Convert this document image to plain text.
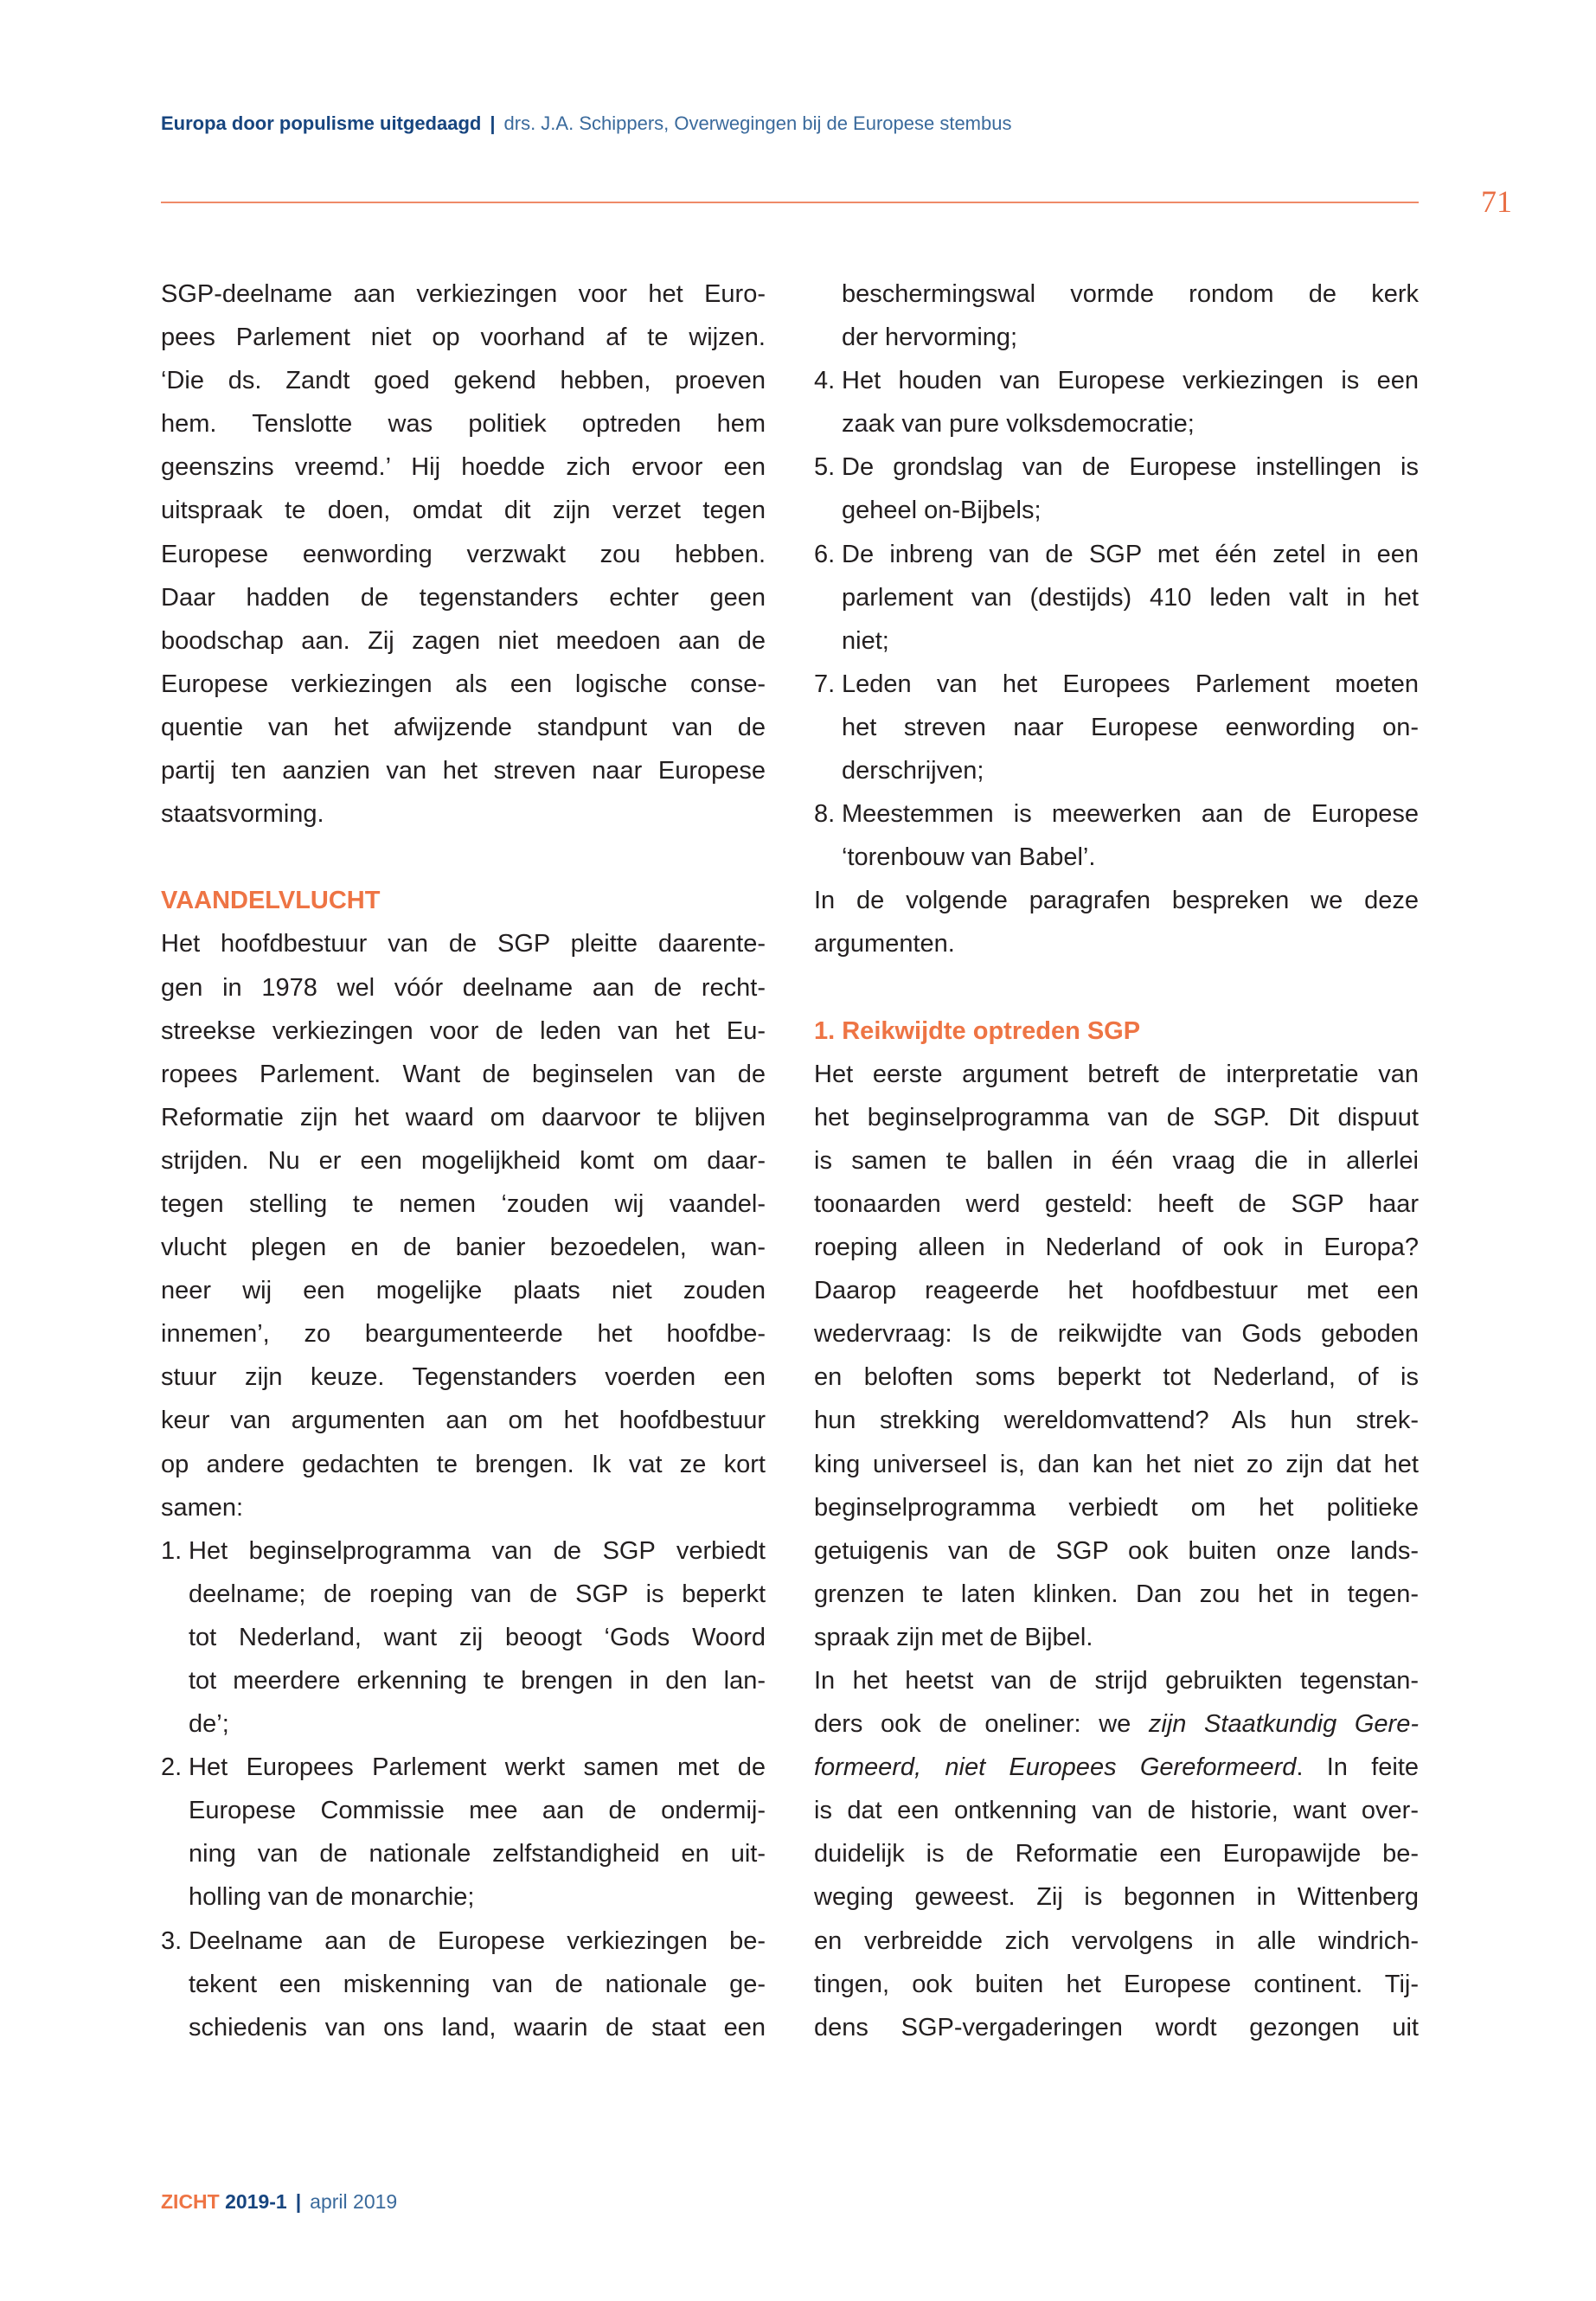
Europa door populisme uitgedaagd | drs. J.A. Schippers, Overwegingen bij de Europese stembus
71
SGP-deelname aan verkiezingen voor het Euro-
pees Parlement niet op voorhand af te wijzen.
‘Die ds. Zandt goed gekend hebben, proeven
hem. Tenslotte was politiek optreden hem
geenszins vreemd.’ Hij hoedde zich ervoor een
uitspraak te doen, omdat dit zijn verzet tegen
Europese eenwording verzwakt zou hebben.
Daar hadden de tegenstanders echter geen
boodschap aan. Zij zagen niet meedoen aan de
Europese verkiezingen als een logische conse-
quentie van het afwijzende standpunt van de
partij ten aanzien van het streven naar Europese
staatsvorming.

VAANDELVLUCHT
Het hoofdbestuur van de SGP pleitte daarente-
gen in 1978 wel vóór deelname aan de recht-
streekse verkiezingen voor de leden van het Eu-
ropees Parlement. Want de beginselen van de
Reformatie zijn het waard om daarvoor te blijven
strijden. Nu er een mogelijkheid komt om daar-
tegen stelling te nemen ‘zouden wij vaandel-
vlucht plegen en de banier bezoedelen, wan-
neer wij een mogelijke plaats niet zouden
innemen’, zo beargumenteerde het hoofdbe-
stuur zijn keuze. Tegenstanders voerden een
keur van argumenten aan om het hoofdbestuur
op andere gedachten te brengen. Ik vat ze kort
samen:
1. Het beginselprogramma van de SGP verbiedt
deelname; de roeping van de SGP is beperkt
tot Nederland, want zij beoogt ‘Gods Woord
tot meerdere erkenning te brengen in den lan-
de’;
2. Het Europees Parlement werkt samen met de
Europese Commissie mee aan de ondermij-
ning van de nationale zelfstandigheid en uit-
holling van de monarchie;
3. Deelname aan de Europese verkiezingen be-
tekent een miskenning van de nationale ge-
schiedenis van ons land, waarin de staat een
beschermingswal vormde rondom de kerk
der hervorming;
4. Het houden van Europese verkiezingen is een
zaak van pure volksdemocratie;
5. De grondslag van de Europese instellingen is
geheel on-Bijbels;
6. De inbreng van de SGP met één zetel in een
parlement van (destijds) 410 leden valt in het
niet;
7. Leden van het Europees Parlement moeten
het streven naar Europese eenwording on-
derschrijven;
8. Meestemmen is meewerken aan de Europese
‘torenbouw van Babel’.
In de volgende paragrafen bespreken we deze
argumenten.

1. Reikwijdte optreden SGP
Het eerste argument betreft de interpretatie van
het beginselprogramma van de SGP. Dit dispuut
is samen te ballen in één vraag die in allerlei
toonaarden werd gesteld: heeft de SGP haar
roeping alleen in Nederland of ook in Europa?
Daarop reageerde het hoofdbestuur met een
wedervraag: Is de reikwijdte van Gods geboden
en beloften soms beperkt tot Nederland, of is
hun strekking wereldomvattend? Als hun strek-
king universeel is, dan kan het niet zo zijn dat het
beginselprogramma verbiedt om het politieke
getuigenis van de SGP ook buiten onze lands-
grenzen te laten klinken. Dan zou het in tegen-
spraak zijn met de Bijbel.
In het heetst van de strijd gebruikten tegenstan-
ders ook de oneliner: we zijn Staatkundig Gere-
formeerd, niet Europees Gereformeerd. In feite
is dat een ontkenning van de historie, want over-
duidelijk is de Reformatie een Europawijde be-
weging geweest. Zij is begonnen in Wittenberg
en verbreidde zich vervolgens in alle windrich-
tingen, ook buiten het Europese continent. Tij-
dens SGP-vergaderingen wordt gezongen uit
ZICHT 2019-1 | april 2019
